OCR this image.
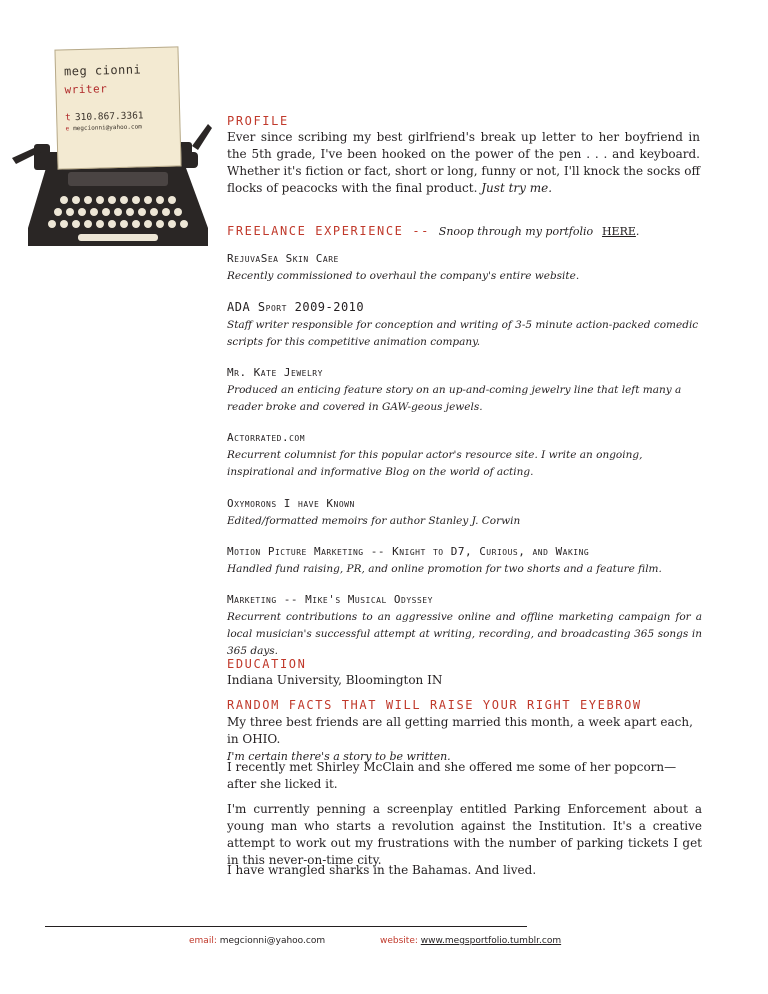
meg cionni
writer
t 310.867.3361
e megcionni@yahoo.com	PROFILE
Ever since scribing my best girlfriend's break up letter to her boyfriend in the 5th grade, I've been hooked on the power of the pen . . . and keyboard. Whether it's fiction or fact, short or long, funny or not, I'll knock the socks off flocks of peacocks with the final product. Just try me.
FREELANCE EXPERIENCE -- Snoop through my portfolio HERE.
RejuvaSea Skin Care
Recently commissioned to overhaul the company's entire website.
ADA Sport 2009-2010
Staff writer responsible for conception and writing of 3-5 minute action-packed comedic scripts for this competitive animation company.
Mr. Kate Jewelry
Produced an enticing feature story on an up-and-coming jewelry line that left many a reader broke and covered in GAW-geous jewels.
Actorrated.com
Recurrent columnist for this popular actor's resource site. I write an ongoing, inspirational and informative Blog on the world of acting.
Oxymorons I have Known
Edited/formatted memoirs for author Stanley J. Corwin
Motion Picture Marketing -- Knight to D7, Curious, and Waking
Handled fund raising, PR, and online promotion for two shorts and a feature film.
Marketing -- Mike's Musical Odyssey
Recurrent contributions to an aggressive online and offline marketing campaign for a local musician's successful attempt at writing, recording, and broadcasting 365 songs in 365 days.
EDUCATION
Indiana University, Bloomington IN
RANDOM FACTS THAT WILL RAISE YOUR RIGHT EYEBROW
My three best friends are all getting married this month, a week apart each, in OHIO.
I'm certain there's a story to be written.
I recently met Shirley McClain and she offered me some of her popcorn—after she licked it.
I'm currently penning a screenplay entitled Parking Enforcement about a young man who starts a revolution against the Institution. It's a creative attempt to work out my frustrations with the number of parking tickets I get in this never-on-time city.
I have wrangled sharks in the Bahamas. And lived.
email: megcionni@yahoo.com	website: www.megsportfolio.tumblr.com
